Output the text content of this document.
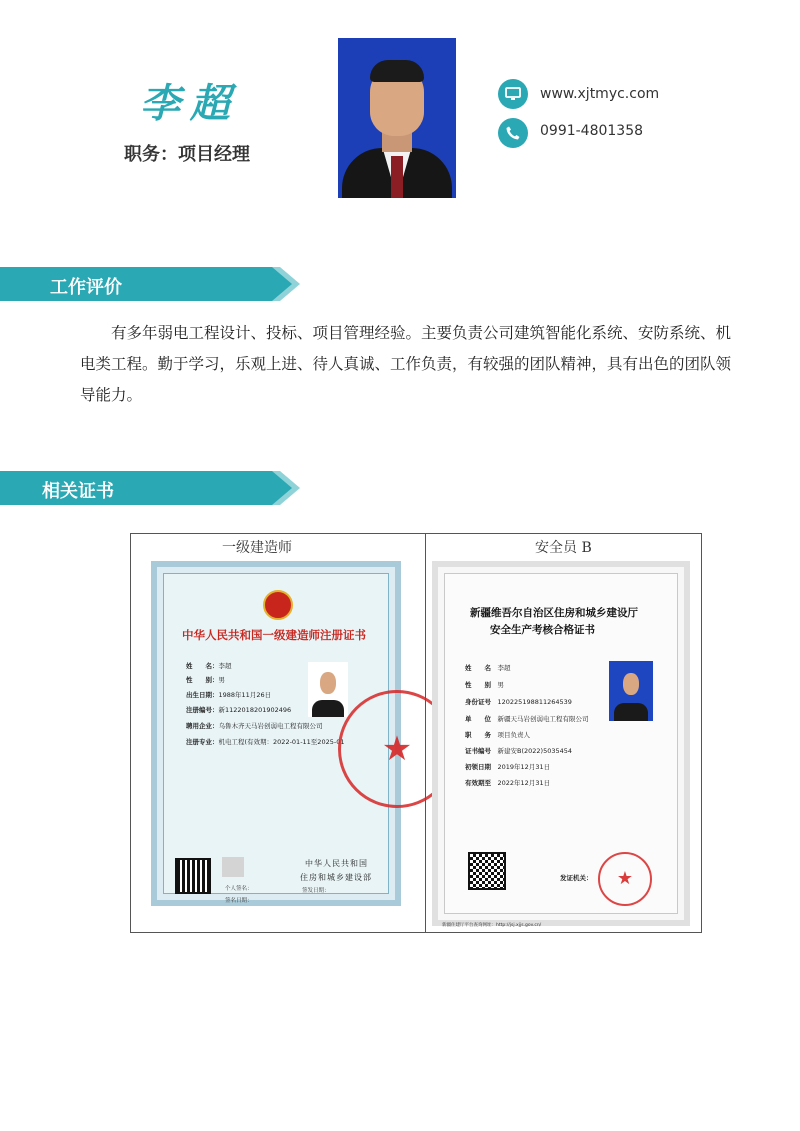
李超
职务：项目经理
www.xjtmyc.com
0991-4801358
工作评价
有多年弱电工程设计、投标、项目管理经验。主要负责公司建筑智能化系统、安防系统、机电类工程。勤于学习，乐观上进、待人真诚、工作负责，有较强的团队精神，具有出色的团队领导能力。
相关证书
一级建造师	安全员 B
中华人民共和国一级建造师注册证书
姓　　名：李超
性　　别：男
出生日期：1988年11月26日
注册编号：新1122018201902496
聘用企业：乌鲁木齐天马岩创弱电工程有限公司
注册专业：机电工程(有效期：2022-01-11至2025-01 ★
个人签名：
签名日期：
中华人民共和国
住房和城乡建设部
签发日期：
新疆维吾尔自治区住房和城乡建设厅
安全生产考核合格证书
姓　　名　 李超
性　　别　 男
身份证号　 120225198811264539
单　　位　 新疆天马岩创弱电工程有限公司
职　　务　 项目负责人
证书编号　 新建安B(2022)5035454
初领日期　 2019年12月31日
有效期至　 2022年12月31日
发证机关： ★
新疆住建厅平台查询网址：http://jsj.xjjs.gov.cn/
